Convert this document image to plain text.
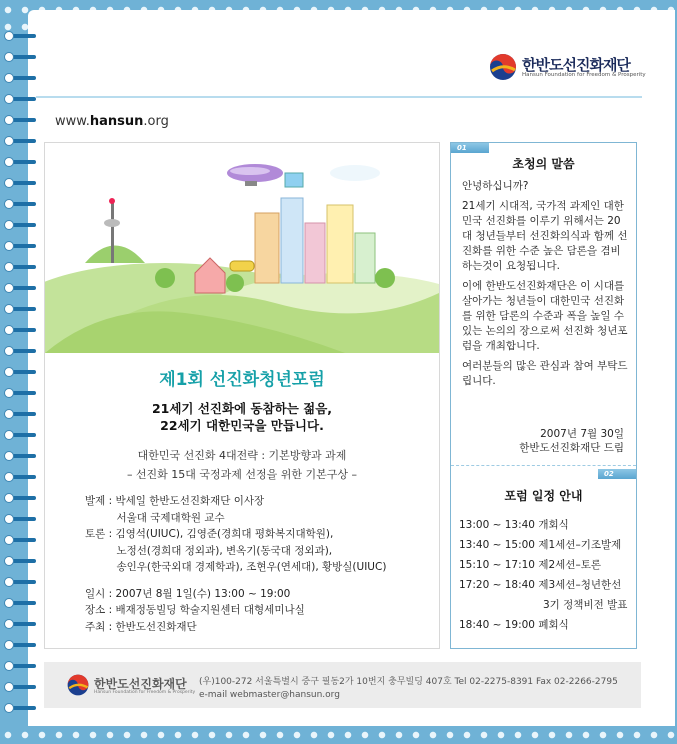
한반도선진화재단
Hansun Foundation for Freedom & Prosperity
www.hansun.org
제1회 선진화청년포럼
21세기 선진화에 동참하는 젊음,
22세기 대한민국을 만듭니다.
대한민국 선진화 4대전략 : 기본방향과 과제
– 선진화 15대 국정과제 선정을 위한 기본구상 –
발제 : 박세일 한반도선진화재단 이사장
　　　서울대 국제대학원 교수
토론 : 김영석(UIUC), 김영준(경희대 평화복지대학원),
　　　노정선(경희대 정외과), 변옥기(동국대 정외과),
　　　송인우(한국외대 경제학과), 조현우(연세대), 황방실(UIUC)
일시 : 2007년 8월 1일(수) 13:00 ~ 19:00
장소 : 배재정동빌딩 학술지원센터 대형세미나실
주최 : 한반도선진화재단
01
초청의 말씀

안녕하십니까?

21세기 시대적, 국가적 과제인 대한민국 선진화를 이루기 위해서는 20대 청년들부터 선진화의식과 함께 선진화를 위한 수준 높은 담론을 겸비하는것이 요청됩니다.

이에 한반도선진화재단은 이 시대를 살아가는 청년들이 대한민국 선진화를 위한 담론의 수준과 폭을 높일 수 있는 논의의 장으로써 선진화 청년포럼을 개최합니다.

여러분들의 많은 관심과 참여 부탁드립니다.

2007년 7월 30일
한반도선진화재단 드림
02
포럼 일정 안내
13:00 ~ 13:40 개회식
13:40 ~ 15:00 제1세션–기조발제
15:10 ~ 17:10 제2세션–토론
17:20 ~ 18:40 제3세션–청년한선
　　　　　　　　3기 정책비전 발표
18:40 ~ 19:00 폐회식
한반도선진화재단
Hansun Foundation for Freedom & Prosperity
(우)100-272 서울특별시 중구 필동2가 10번지 충무빌딩 407호 Tel 02-2275-8391 Fax 02-2266-2795
e-mail webmaster@hansun.org
